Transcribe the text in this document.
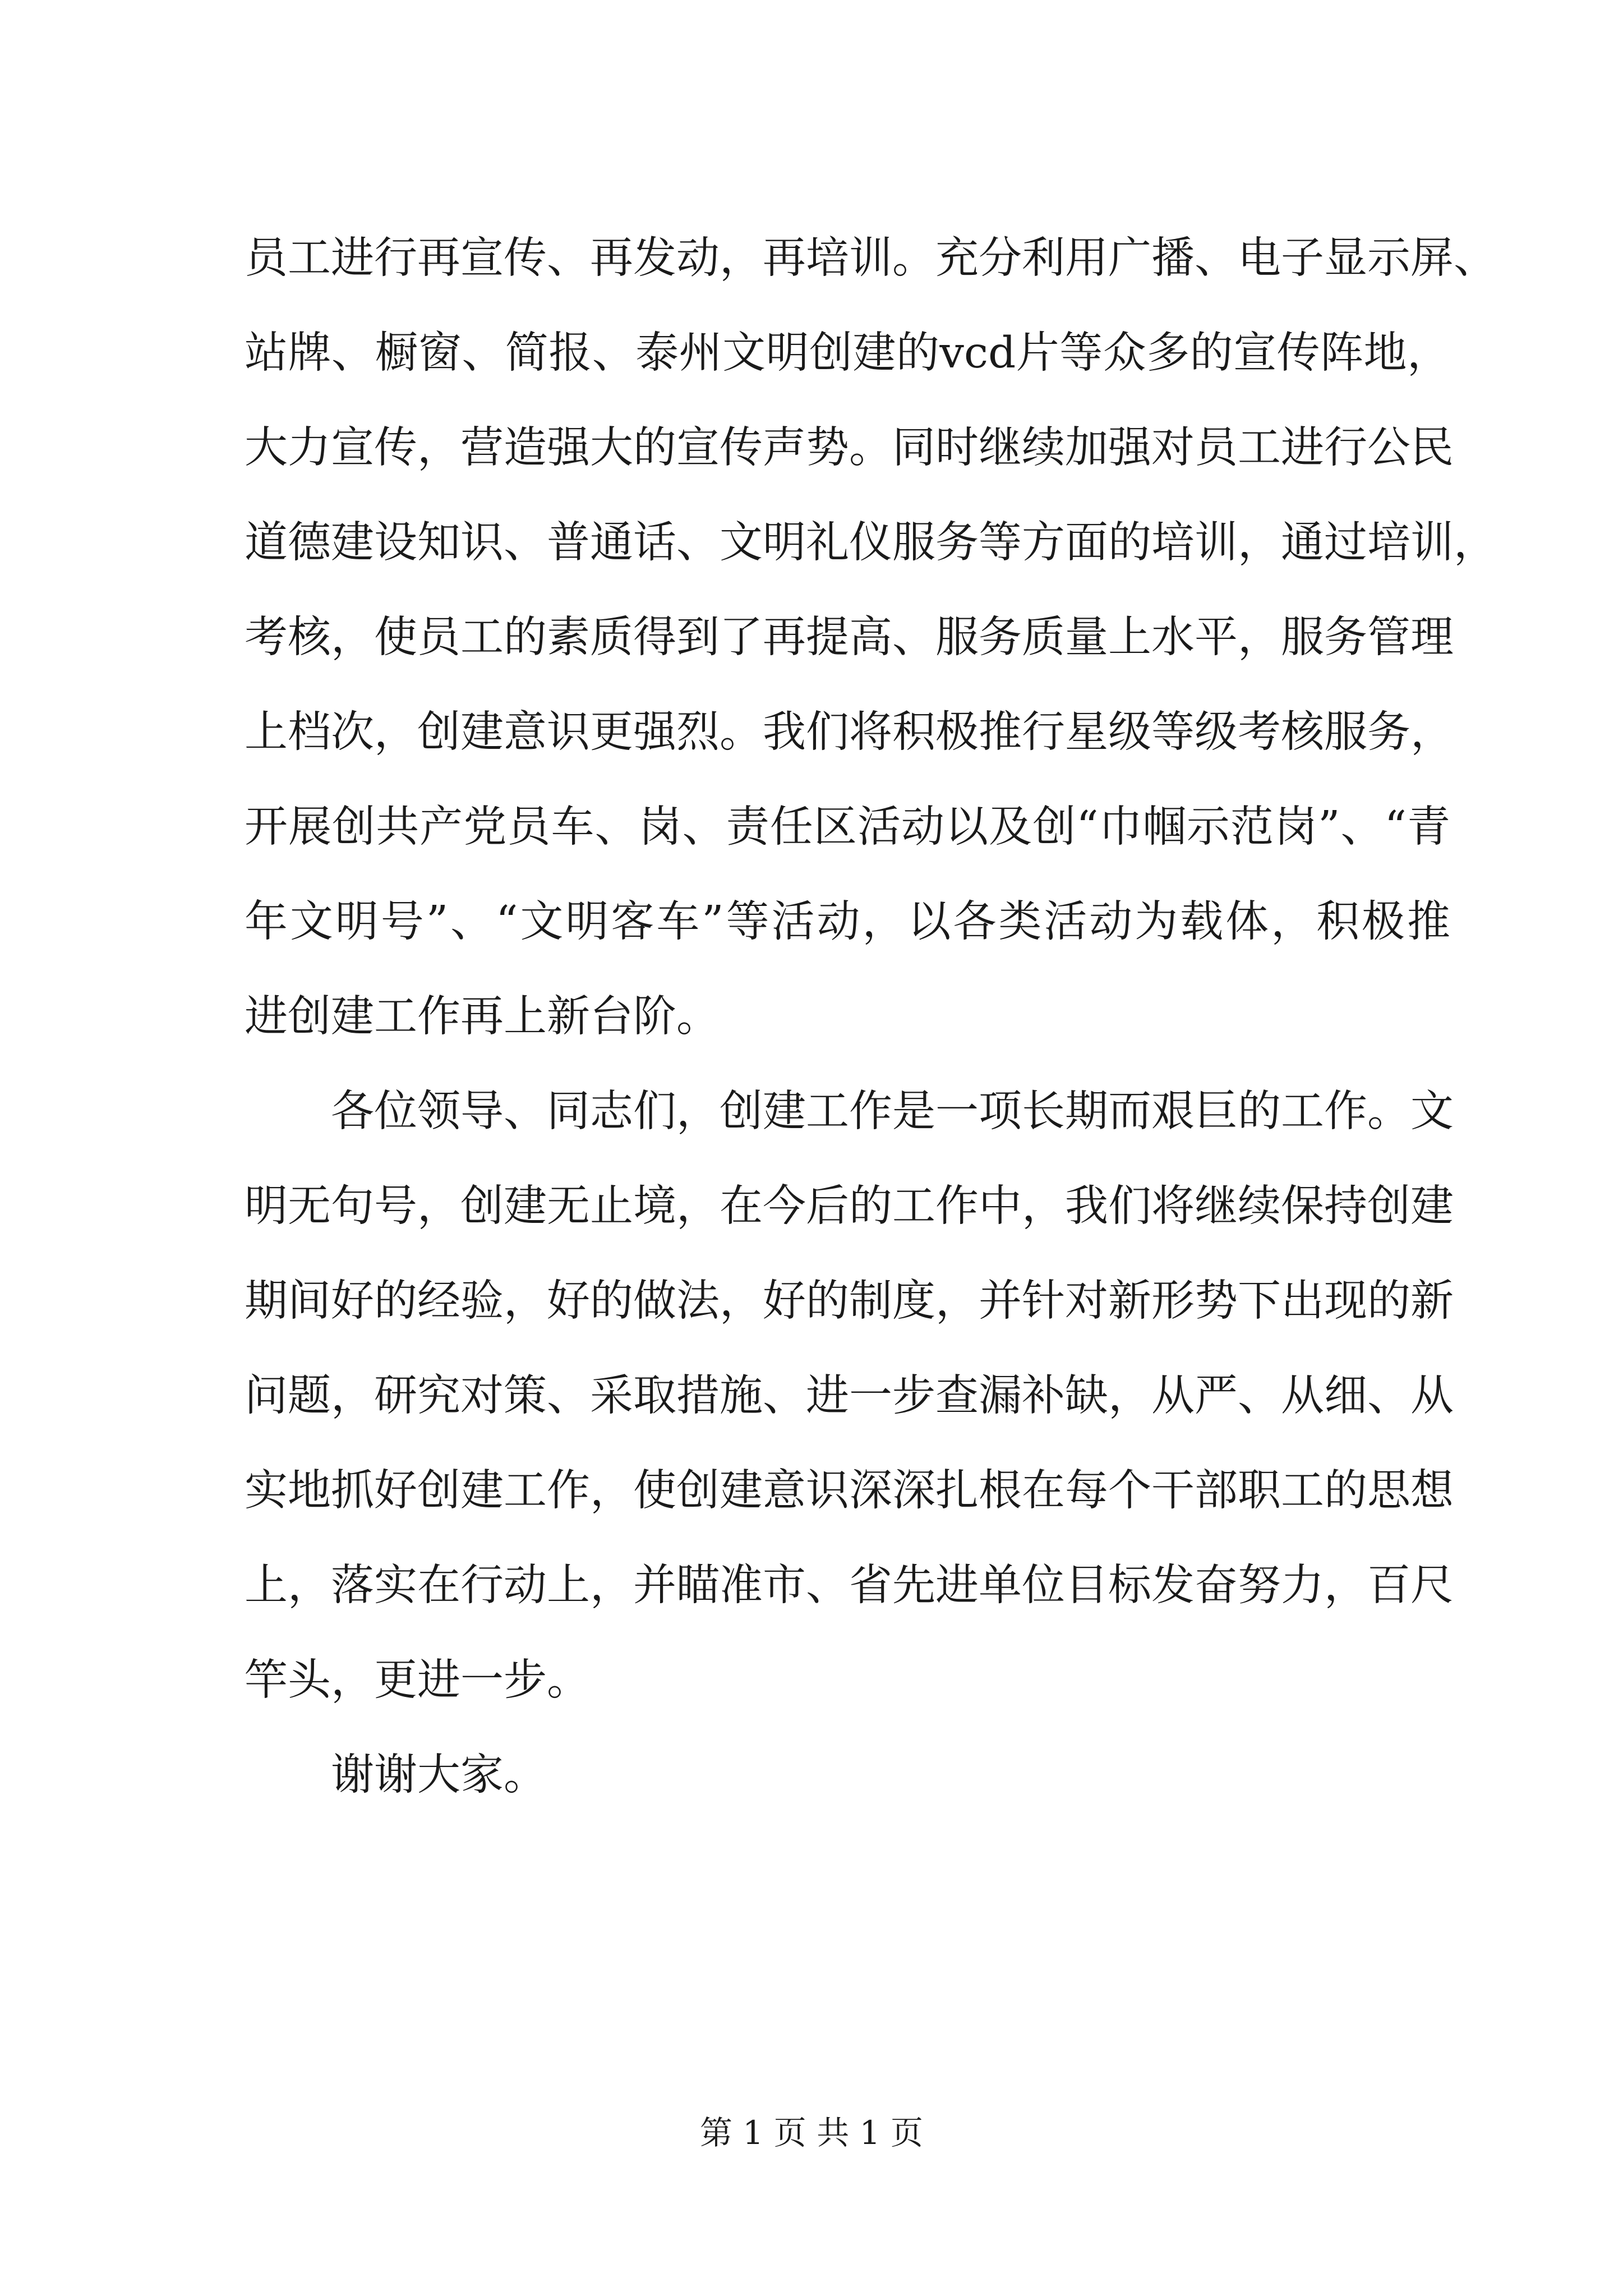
员工进行再宣传、再发动，再培训。充分利用广播、电子显示屏、
站牌、橱窗、简报、泰州文明创建的vcd片等众多的宣传阵地，
大力宣传，营造强大的宣传声势。同时继续加强对员工进行公民
道德建设知识、普通话、文明礼仪服务等方面的培训，通过培训，
考核，使员工的素质得到了再提高、服务质量上水平，服务管理
上档次，创建意识更强烈。我们将积极推行星级等级考核服务，
开展创共产党员车、岗、责任区活动以及创“巾帼示范岗”、“青
年文明号”、“文明客车”等活动，以各类活动为载体，积极推
进创建工作再上新台阶。
各位领导、同志们，创建工作是一项长期而艰巨的工作。文
明无句号，创建无止境，在今后的工作中，我们将继续保持创建
期间好的经验，好的做法，好的制度，并针对新形势下出现的新
问题，研究对策、采取措施、进一步查漏补缺，从严、从细、从
实地抓好创建工作，使创建意识深深扎根在每个干部职工的思想
上，落实在行动上，并瞄准市、省先进单位目标发奋努力，百尺
竿头，更进一步。
谢谢大家。
第 1 页 共 1 页
